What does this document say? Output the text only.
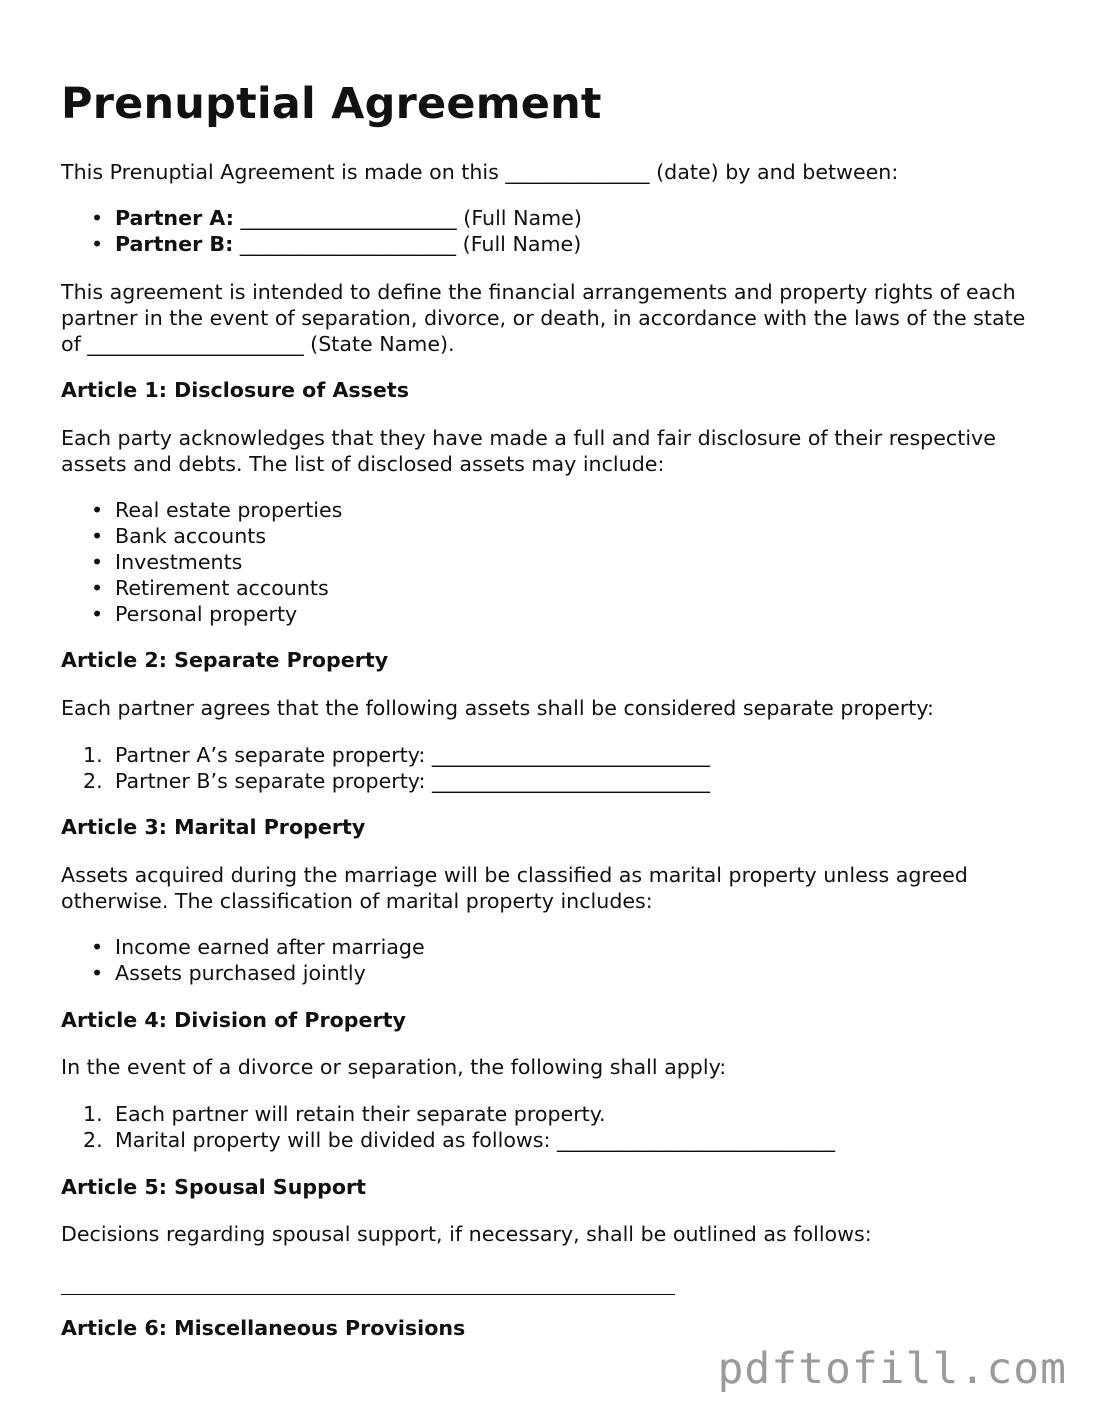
Prenuptial Agreement

This Prenuptial Agreement is made on this ______________ (date) by and between:

• Partner A: _____________________ (Full Name)
• Partner B: _____________________ (Full Name)

This agreement is intended to define the financial arrangements and property rights of each partner in the event of separation, divorce, or death, in accordance with the laws of the state of _____________________ (State Name).

Article 1: Disclosure of Assets

Each party acknowledges that they have made a full and fair disclosure of their respective assets and debts. The list of disclosed assets may include:

• Real estate properties
• Bank accounts
• Investments
• Retirement accounts
• Personal property

Article 2: Separate Property

Each partner agrees that the following assets shall be considered separate property:

1. Partner A’s separate property: ___________________________
2. Partner B’s separate property: ___________________________

Article 3: Marital Property

Assets acquired during the marriage will be classified as marital property unless agreed otherwise. The classification of marital property includes:

• Income earned after marriage
• Assets purchased jointly

Article 4: Division of Property

In the event of a divorce or separation, the following shall apply:

1. Each partner will retain their separate property.
2. Marital property will be divided as follows: ___________________________

Article 5: Spousal Support

Decisions regarding spousal support, if necessary, shall be outlined as follows:

Article 6: Miscellaneous Provisions

pdftofill.com
